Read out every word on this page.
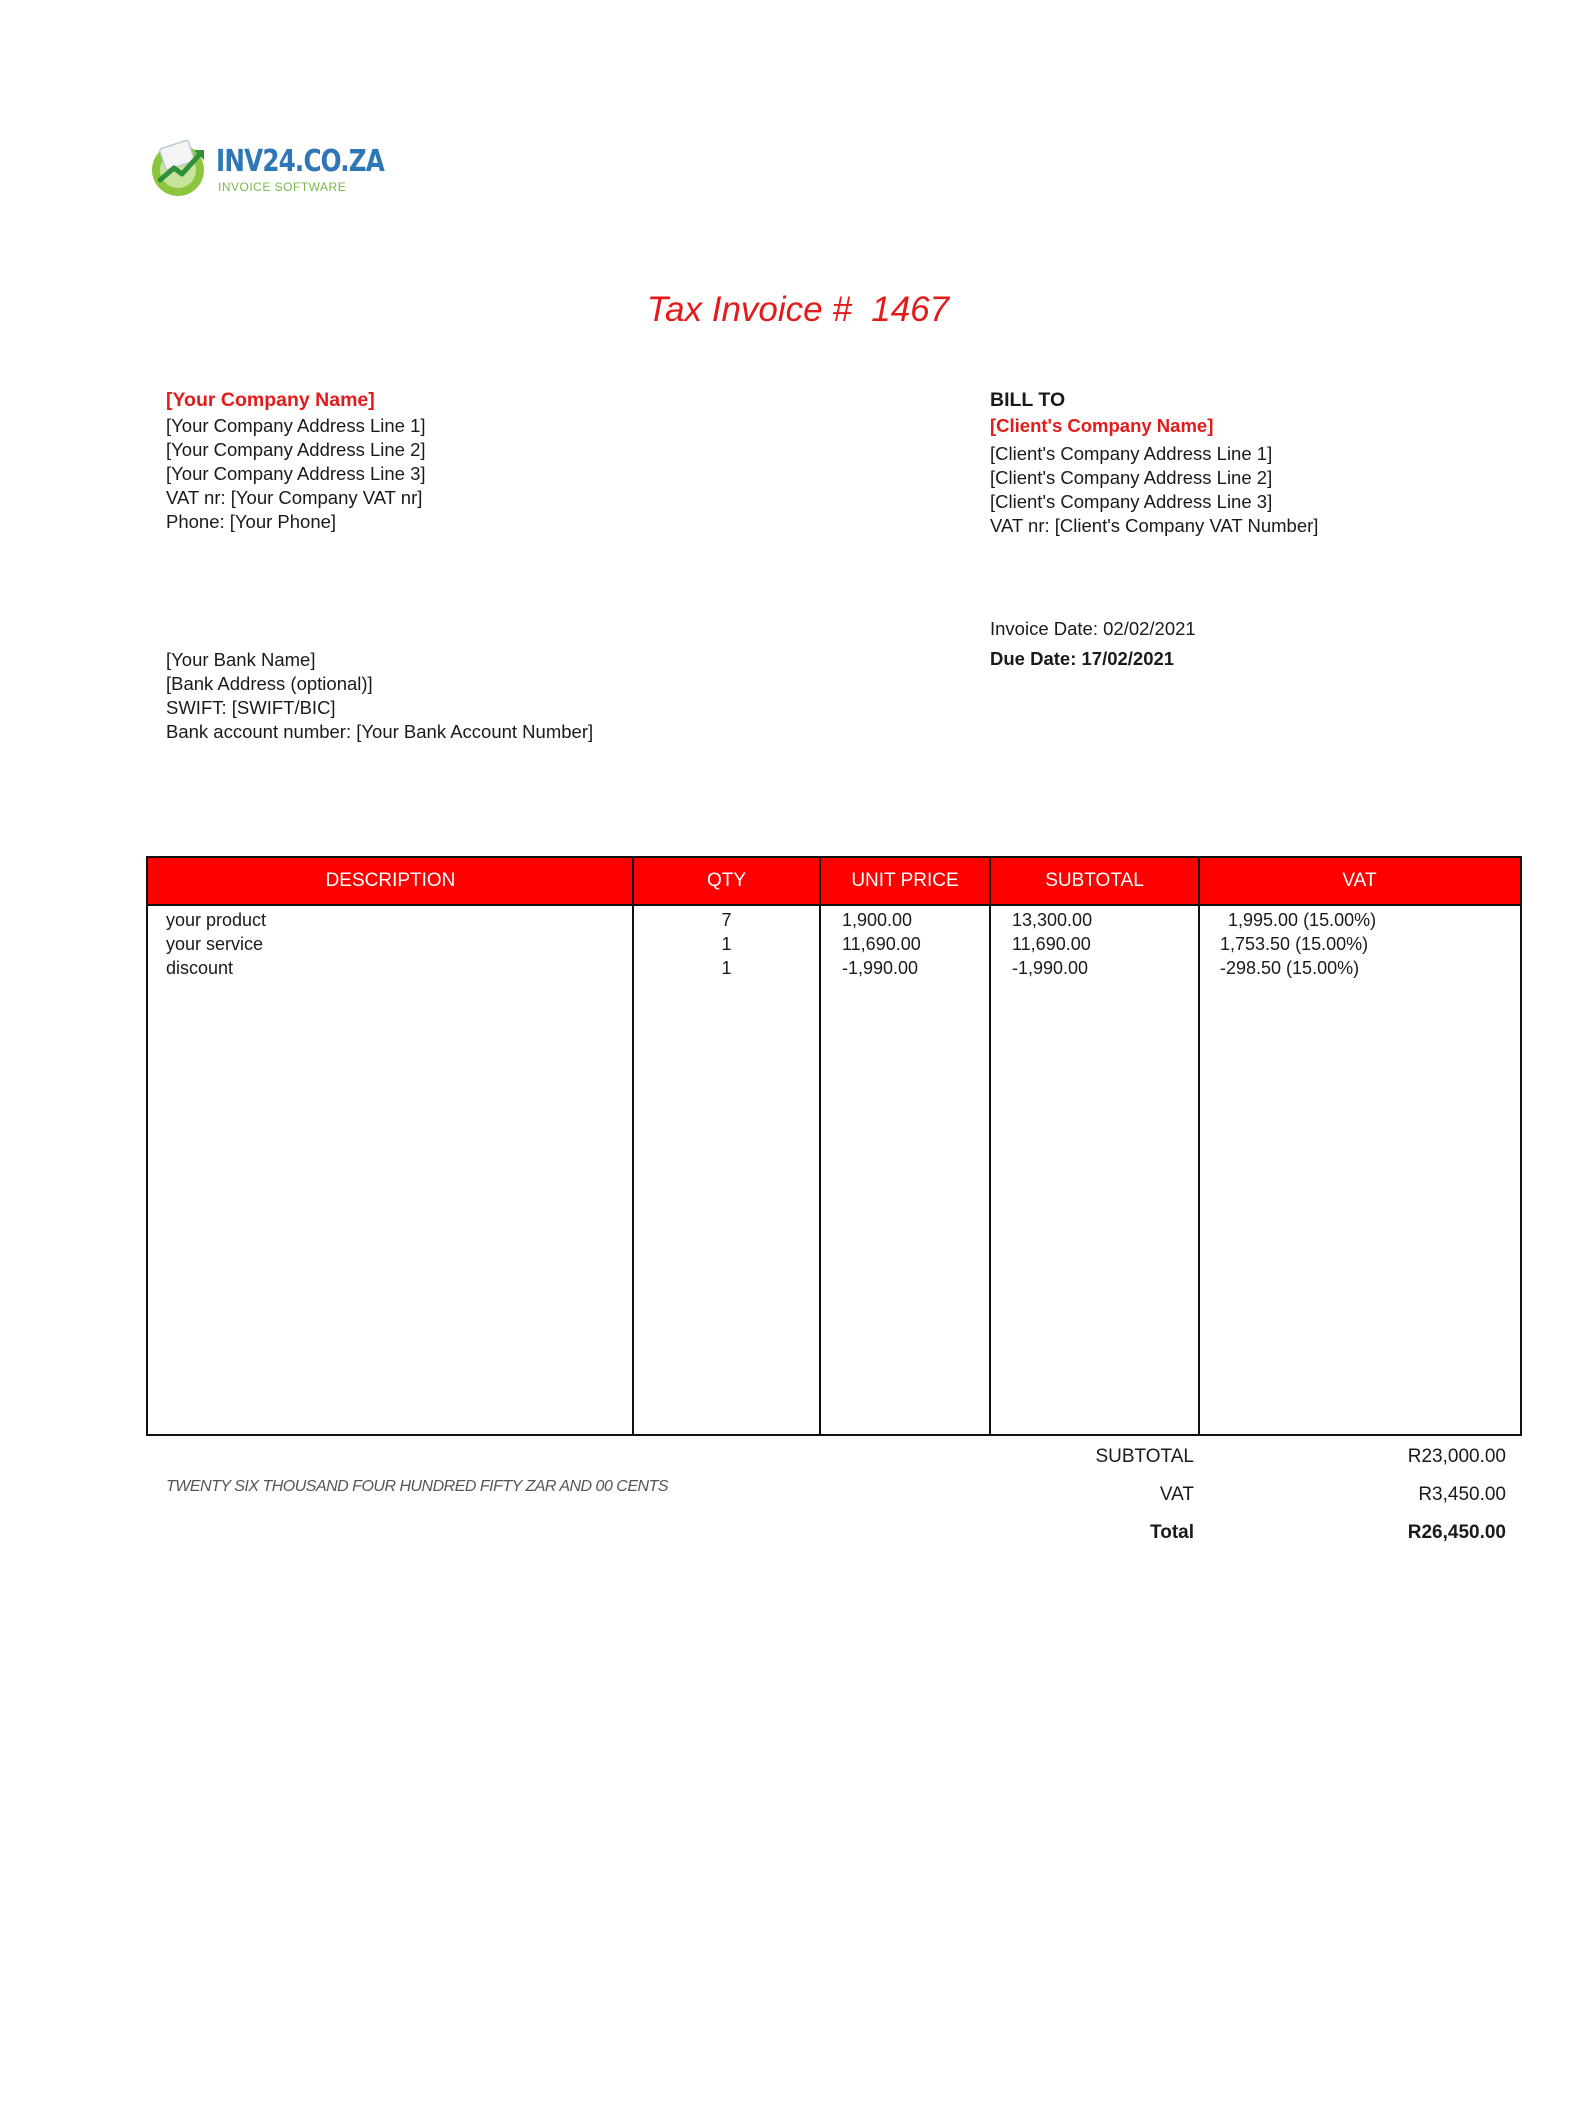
INV24.CO.ZA
INVOICE SOFTWARE
Tax Invoice #  1467
[Your Company Name]
[Your Company Address Line 1]
[Your Company Address Line 2]
[Your Company Address Line 3]
VAT nr: [Your Company VAT nr]
Phone: [Your Phone]
BILL TO
[Client's Company Name]
[Client's Company Address Line 1]
[Client's Company Address Line 2]
[Client's Company Address Line 3]
VAT nr: [Client's Company VAT Number]
Invoice Date: 02/02/2021
Due Date: 17/02/2021
[Your Bank Name]
[Bank Address (optional)]
SWIFT: [SWIFT/BIC]
Bank account number: [Your Bank Account Number]
DESCRIPTION	QTY	UNIT PRICE	SUBTOTAL	VAT
your product	7	1,900.00	13,300.00	1,995.00 (15.00%)
your service	1	11,690.00	11,690.00	1,753.50 (15.00%)
discount	1	-1,990.00	-1,990.00	-298.50 (15.00%)
TWENTY SIX THOUSAND FOUR HUNDRED FIFTY ZAR AND 00 CENTS
SUBTOTAL	R23,000.00
VAT	R3,450.00
Total	R26,450.00
